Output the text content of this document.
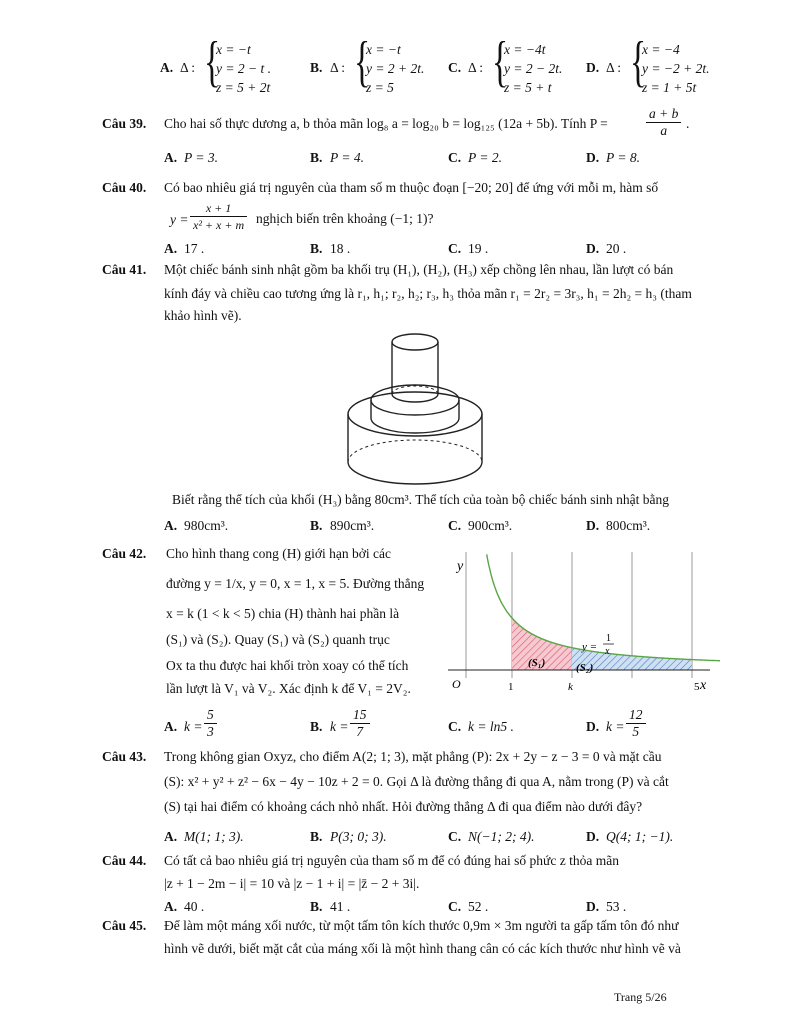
A. Δ : {
x = −t
y = 2 − t .
z = 5 + 2t
B. Δ : {
x = −t
y = 2 + 2t.
z = 5
C. Δ : {
x = −4t
y = 2 − 2t.
z = 5 + t
D. Δ : {
x = −4
y = −2 + 2t.
z = 1 + 5t
Câu 39. Cho hai số thực dương a, b thỏa mãn log₈ a = log₂₀ b = log₁₂₅ (12a + 5b). Tính P =	$\frac{a + b}{a}$ .
A. P = 3.	B. P = 4.	C. P = 2.	D. P = 8.
Câu 40. Có bao nhiêu giá trị nguyên của tham số m thuộc đoạn [−20; 20] để ứng với mỗi m, hàm số
$y = \frac{x + 1}{\text{x² + x + m}}$ nghịch biến trên khoảng (−1; 1)?
A. 17 .	B. 18 .	C. 19 .	D. 20 .
Câu 41. Một chiếc bánh sinh nhật gồm ba khối trụ (H₁), (H₂), (H₃) xếp chồng lên nhau, lần lượt có bán
kính đáy và chiều cao tương ứng là r₁, h₁; r₂, h₂; r₃, h₃ thỏa mãn r₁ = 2r₂ = 3r₃, h₁ = 2h₂ = h₃ (tham
khảo hình vẽ).
Biết rằng thể tích của khối (H₃) bằng 80cm³. Thể tích của toàn bộ chiếc bánh sinh nhật bằng
A. 980cm³.	B. 890cm³.	C. 900cm³.	D. 800cm³.
Câu 42. Cho hình thang cong (H) giới hạn bởi các
đường y = 1/x, y = 0, x = 1, x = 5. Đường thẳng
x = k (1 < k < 5) chia (H) thành hai phần là
(S₁) và (S₂). Quay (S₁) và (S₂) quanh trục
Ox ta thu được hai khối tròn xoay có thể tích
lần lượt là V₁ và V₂. Xác định k để V₁ = 2V₂.
y
x
O	1	k	5
(S₁)	(S₂)
y =
1
x
A. $k = \frac{5}{3}$	B. $k = \frac{15}{7}$	C. k = ln5 .	D. $k = \frac{12}{5}$
Câu 43. Trong không gian Oxyz, cho điểm A(2; 1; 3), mặt phẳng (P): 2x + 2y − z − 3 = 0 và mặt cầu
(S): x² + y² + z² − 6x − 4y − 10z + 2 = 0. Gọi Δ là đường thẳng đi qua A, nằm trong (P) và cắt
(S) tại hai điểm có khoảng cách nhỏ nhất. Hỏi đường thẳng Δ đi qua điểm nào dưới đây?
A. M(1; 1; 3).	B. P(3; 0; 3).	C. N(−1; 2; 4).	D. Q(4; 1; −1).
Câu 44. Có tất cả bao nhiêu giá trị nguyên của tham số m để có đúng hai số phức z thỏa mãn
|z + 1 − 2m − i| = 10 và |z − 1 + i| = |z̄ − 2 + 3i|.
A. 40 .	B. 41 .	C. 52 .	D. 53 .
Câu 45. Để làm một máng xối nước, từ một tấm tôn kích thước 0,9m × 3m người ta gấp tấm tôn đó như
hình vẽ dưới, biết mặt cắt của máng xối là một hình thang cân có các kích thước như hình vẽ và
Trang 5/26
